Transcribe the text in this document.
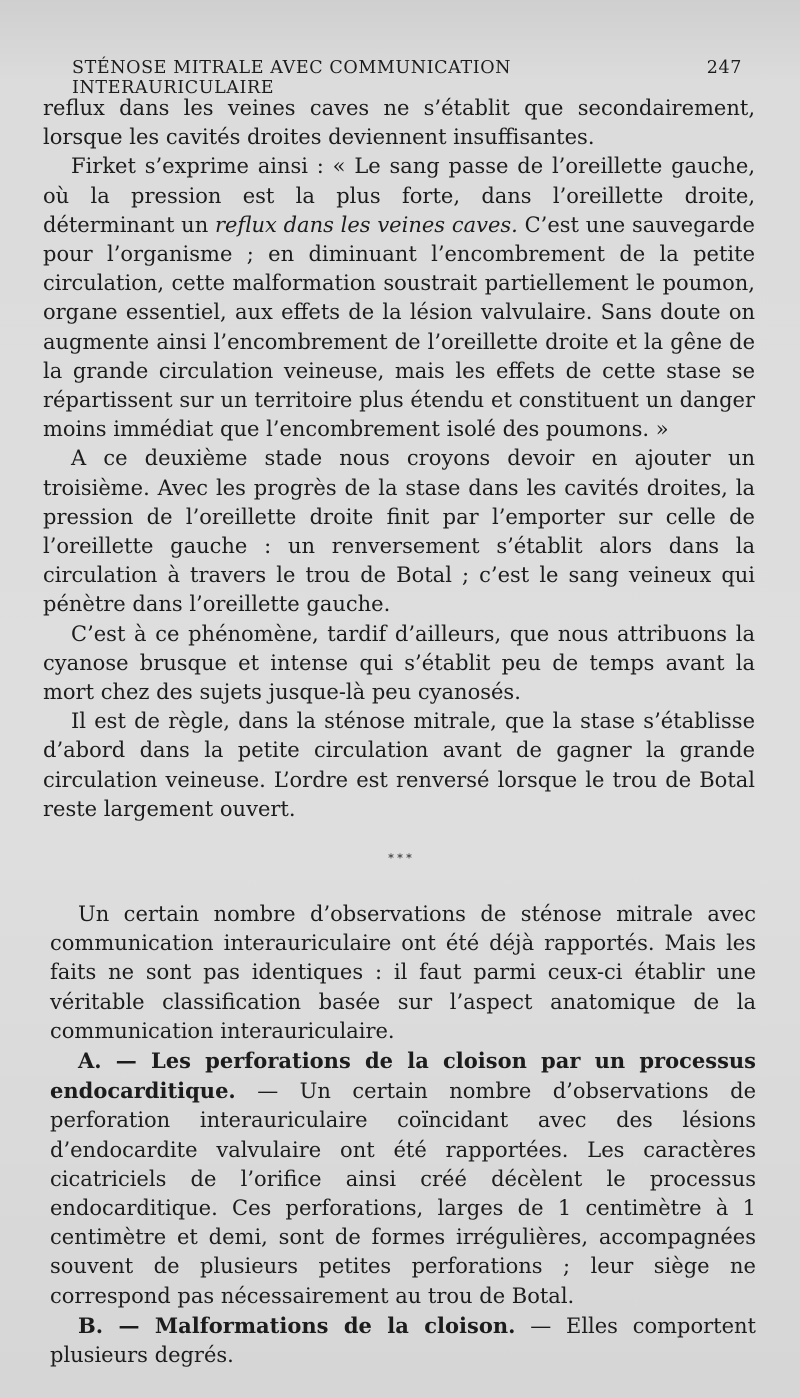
STÉNOSE MITRALE AVEC COMMUNICATION INTERAURICULAIRE
247

reflux dans les veines caves ne s’établit que secondairement, lorsque les cavités droites deviennent insuffisantes.

Firket s’exprime ainsi : « Le sang passe de l’oreillette gauche, où la pression est la plus forte, dans l’oreillette droite, déterminant un reflux dans les veines caves. C’est une sauvegarde pour l’organisme ; en diminuant l’encombrement de la petite circulation, cette malformation soustrait partiellement le poumon, organe essentiel, aux effets de la lésion valvulaire. Sans doute on augmente ainsi l’encombrement de l’oreillette droite et la gêne de la grande circulation veineuse, mais les effets de cette stase se répartissent sur un territoire plus étendu et constituent un danger moins immédiat que l’encombrement isolé des poumons. »

A ce deuxième stade nous croyons devoir en ajouter un troisième. Avec les progrès de la stase dans les cavités droites, la pression de l’oreillette droite finit par l’emporter sur celle de l’oreillette gauche : un renversement s’établit alors dans la circulation à travers le trou de Botal ; c’est le sang veineux qui pénètre dans l’oreillette gauche.

C’est à ce phénomène, tardif d’ailleurs, que nous attribuons la cyanose brusque et intense qui s’établit peu de temps avant la mort chez des sujets jusque-là peu cyanosés.

Il est de règle, dans la sténose mitrale, que la stase s’établisse d’abord dans la petite circulation avant de gagner la grande circulation veineuse. L’ordre est renversé lorsque le trou de Botal reste largement ouvert.

⁎ ⁎ ⁎

Un certain nombre d’observations de sténose mitrale avec communication interauriculaire ont été déjà rapportés. Mais les faits ne sont pas identiques : il faut parmi ceux-ci établir une véritable classification basée sur l’aspect anatomique de la communication interauriculaire.

A. — Les perforations de la cloison par un processus endocarditique. — Un certain nombre d’observations de perforation interauriculaire coïncidant avec des lésions d’endocardite valvulaire ont été rapportées. Les caractères cicatriciels de l’orifice ainsi créé décèlent le processus endocarditique. Ces perforations, larges de 1 centimètre à 1 centimètre et demi, sont de formes irrégulières, accompagnées souvent de plusieurs petites perforations ; leur siège ne correspond pas nécessairement au trou de Botal.

B. — Malformations de la cloison. — Elles comportent plusieurs degrés.
